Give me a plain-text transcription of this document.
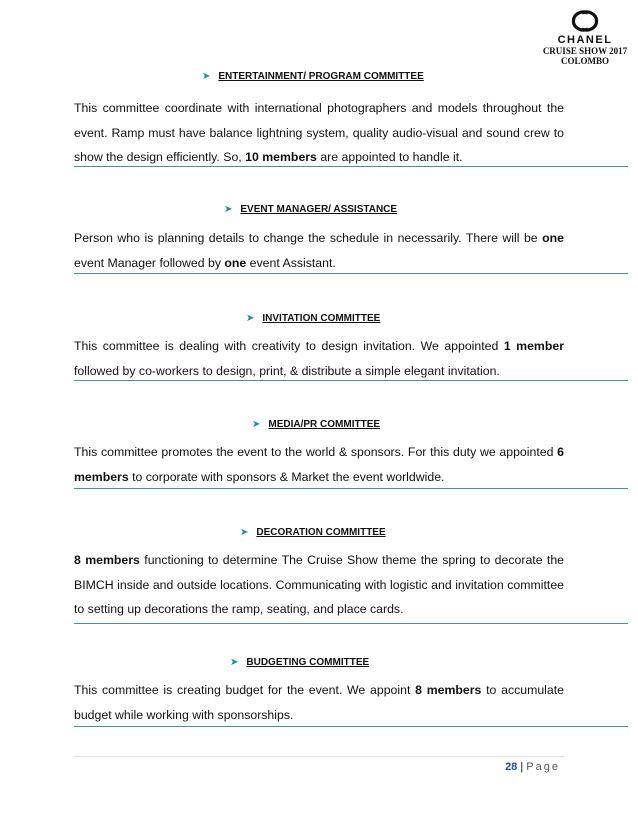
CHANEL
CRUISE SHOW 2017
COLOMBO
➤ ENTERTAINMENT/ PROGRAM COMMITTEE
This committee coordinate with international photographers and models throughout the event. Ramp must have balance lightning system, quality audio-visual and sound crew to show the design efficiently. So, 10 members are appointed to handle it.
➤ EVENT MANAGER/ ASSISTANCE
Person who is planning details to change the schedule in necessarily. There will be one event Manager followed by one event Assistant.
➤ INVITATION COMMITTEE
This committee is dealing with creativity to design invitation. We appointed 1 member followed by co-workers to design, print, & distribute a simple elegant invitation.
➤ MEDIA/PR COMMITTEE
This committee promotes the event to the world & sponsors. For this duty we appointed 6 members to corporate with sponsors & Market the event worldwide.
➤ DECORATION COMMITTEE
8 members functioning to determine The Cruise Show theme the spring to decorate the BIMCH inside and outside locations. Communicating with logistic and invitation committee to setting up decorations the ramp, seating, and place cards.
➤ BUDGETING COMMITTEE
This committee is creating budget for the event. We appoint 8 members to accumulate budget while working with sponsorships.
28 | Page
